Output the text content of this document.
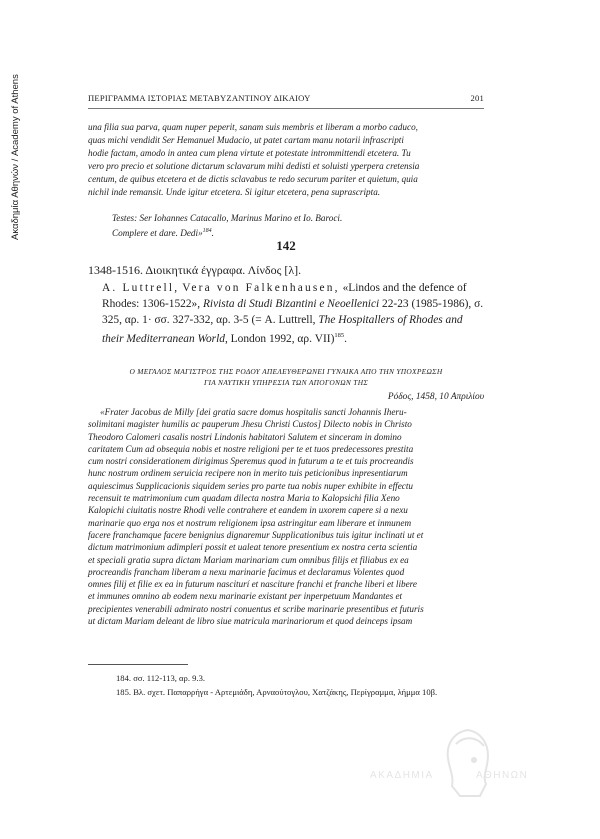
Ακαδημία Αθηνών / Academy of Athens	ΠΕΡΙΓΡΑΜΜΑ ΙΣΤΟΡΙΑΣ ΜΕΤΑΒΥΖΑΝΤΙΝΟΥ ΔΙΚΑΙΟΥ	201
una filia sua parva, quam nuper peperit, sanam suis membris et liberam a morbo caduco,
quas michi vendidit Ser Hemanuel Mudacio, ut patet cartam manu notarii infrascripti
hodie factam, amodo in antea cum plena virtute et potestate intrommittendi etcetera. Tu
vero pro precio et solutione dictarum sclavarum mihi dedisti et soluisti yperpera cretensia
centum, de quibus etcetera et de dictis sclavabus te redo securum pariter et quietum, quia
nichil inde remansit. Unde igitur etcetera. Si igitur etcetera, pena suprascripta.
Testes: Ser Iohannes Catacallo, Marinus Marino et Io. Baroci.
Complere et dare. Dedi»$^{184}$.
142
1348-1516. Διοικητικά έγγραφα. Λίνδος [λ].
A. Luttrell, Vera von Falkenhausen, «Lindos and the defence of Rhodes: 1306-1522», Rivista di Studi Bizantini e Neoellenici 22-23 (1985-1986), σ. 325, αρ. 1· σσ. 327-332, αρ. 3-5 (= A. Luttrell, The Hospitallers of Rhodes and their Mediterranean World, London 1992, αρ. VII)$^{185}$.
Ο ΜΕΓΑΛΟΣ ΜΑΓΙΣΤΡΟΣ ΤΗΣ ΡΟΔΟΥ ΑΠΕΛΕΥΘΕΡΩΝΕΙ ΓΥΝΑΙΚΑ ΑΠΟ ΤΗΝ ΥΠΟΧΡΕΩΣΗ
ΓΙΑ ΝΑΥΤΙΚΗ ΥΠΗΡΕΣΙΑ ΤΩΝ ΑΠΟΓΟΝΩΝ ΤΗΣ
Ρόδος, 1458, 10 Απριλίου
«Frater Jacobus de Milly [dei gratia sacre domus hospitalis sancti Johannis Iheru-
solimitani magister humilis ac pauperum Jhesu Christi Custos] Dilecto nobis in Christo
Theodoro Calomeri casalis nostri Lindonis habitatori Salutem et sinceram in domino
caritatem Cum ad obsequia nobis et nostre religioni per te et tuos predecessores prestita
cum nostri considerationem dirigimus Speremus quod in futurum a te et tuis procreandis
hunc nostrum ordinem seruicia recipere non in merito tuis peticionibus inpresentiarum
aquiescimus Supplicacionis siquidem series pro parte tua nobis nuper exhibite in effectu
recensuit te matrimonium cum quadam dilecta nostra Maria to Kalopsichi filia Xeno
Kalopichi ciuitatis nostre Rhodi velle contrahere et eandem in uxorem capere si a nexu
marinarie quo erga nos et nostrum religionem ipsa astringitur eam liberare et inmunem
facere franchamque facere benignius dignaremur Supplicationibus tuis igitur inclinati ut et
dictum matrimonium adimpleri possit et ualeat tenore presentium ex nostra certa scientia
et speciali gratia supra dictam Mariam marinariam cum omnibus filijs et filiabus ex ea
procreandis francham liberam a nexu marinarie facimus et declaramus Volentes quod
omnes filij et filie ex ea in futurum nasciturí et nasciture franchi et franche liberi et libere
et immunes omnino ab eodem nexu marinarie existant per inperpetuum Mandantes et
precipientes venerabili admirato nostri conuentus et scribe marinarie presentibus et futuris
ut dictam Mariam deleant de libro siue matricula marinariorum et quod deinceps ipsam
184. σσ. 112-113, αρ. 9.3.
185. Βλ. σχετ. Παπαρρήγα - Αρτεμιάδη, Αρναούτογλου, Χατζάκης, Περίγραμμα, λήμμα 10β.
ΑΚΑΔΗΜΙΑ	ΑΘΗΝΩΝ
